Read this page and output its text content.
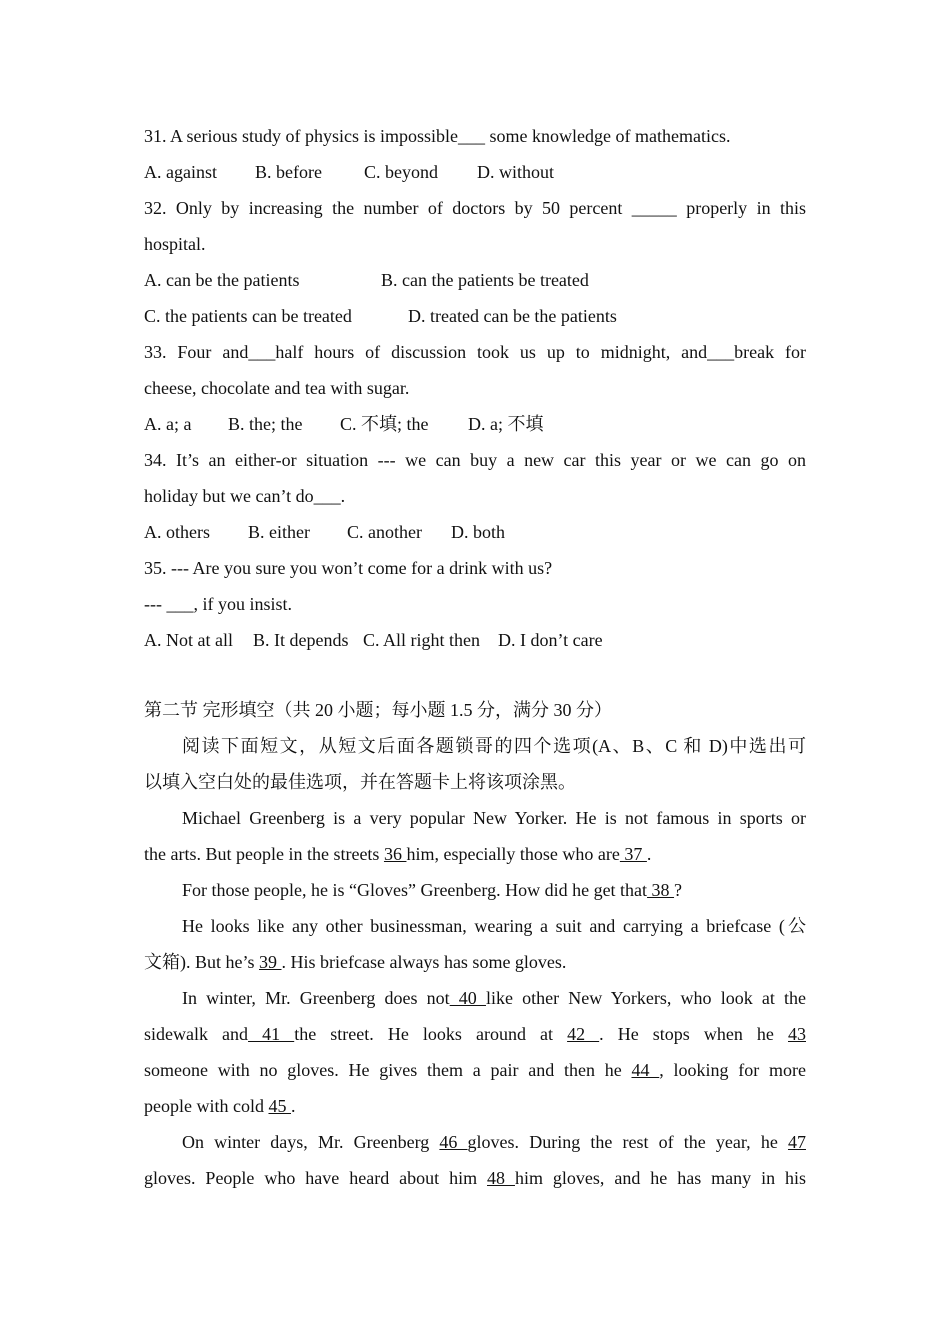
31. A serious study of physics is impossible___ some knowledge of mathematics.
A. against B. before C. beyond D. without
32. Only by increasing the number of doctors by 50 percent _____ properly in this
hospital.
A. can be the patients	B. can the patients be treated
C. the patients can be treated	D. treated can be the patients
33. Four and___half hours of discussion took us up to midnight, and___break for
cheese, chocolate and tea with sugar.
A. a; a B. the; the C. 不填; the D. a; 不填
34. It’s an either-or situation --- we can buy a new car this year or we can go on
holiday but we can’t do___.
A. others B. either C. another D. both
35. --- Are you sure you won’t come for a drink with us?
--- ___, if you insist.
A. Not at all B. It depends C. All right then D. I don’t care
第二节 完形填空（共 20 小题；每小题 1.5 分，满分 30 分）
阅读下面短文，从短文后面各题锁哥的四个选项(A、B、C 和 D)中选出可
以填入空白处的最佳选项，并在答题卡上将该项涂黑。
Michael Greenberg is a very popular New Yorker. He is not famous in sports or
the arts. But people in the streets 36 him, especially those who are 37 .
For those people, he is “Gloves” Greenberg. How did he get that 38 ?
He looks like any other businessman, wearing a suit and carrying a briefcase (公
文箱). But he’s 39 . His briefcase always has some gloves.
In winter, Mr. Greenberg does not 40 like other New Yorkers, who look at the
sidewalk and 41 the street. He looks around at 42 . He stops when he 43
someone with no gloves. He gives them a pair and then he 44 , looking for more
people with cold 45 .
On winter days, Mr. Greenberg 46 gloves. During the rest of the year, he 47
gloves. People who have heard about him 48 him gloves, and he has many in his
